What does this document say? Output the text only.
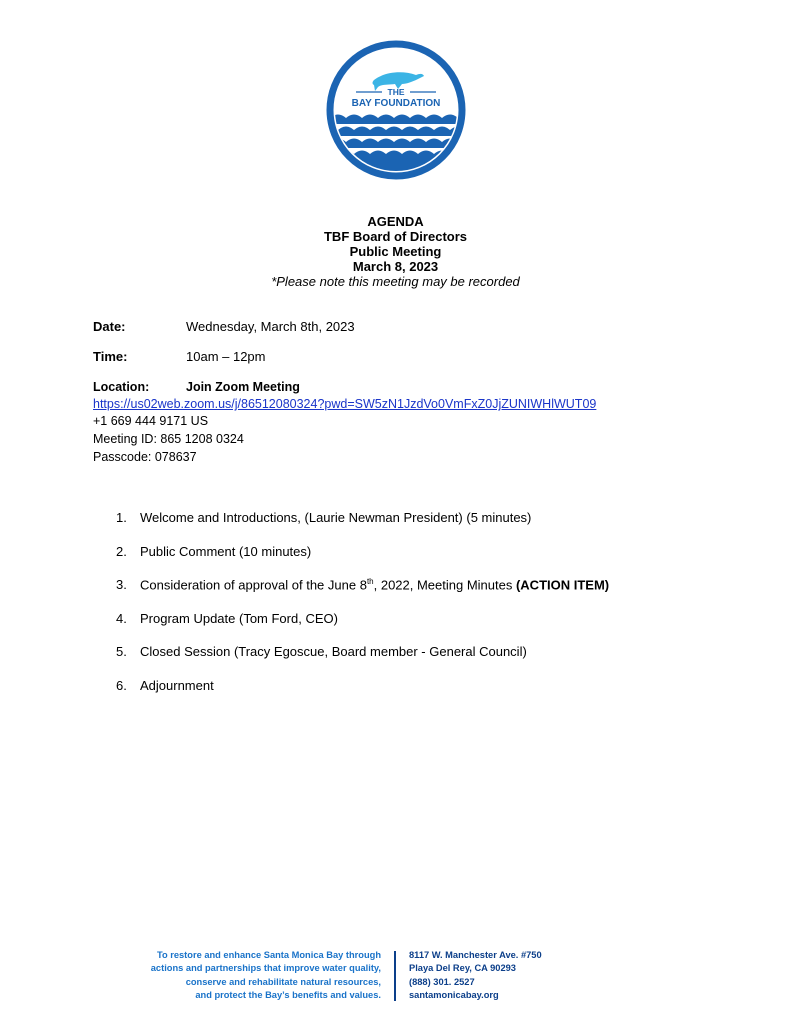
THE
BAY FOUNDATION
AGENDA
TBF Board of Directors
Public Meeting
March 8, 2023
*Please note this meeting may be recorded
Date:	Wednesday, March 8th, 2023
Time:	10am – 12pm
Location:	Join Zoom Meeting
https://us02web.zoom.us/j/86512080324?pwd=SW5zN1JzdVo0VmFxZ0JjZUNIWHlWUT09
+1 669 444 9171 US
Meeting ID: 865 1208 0324
Passcode: 078637
1.	Welcome and Introductions, (Laurie Newman President) (5 minutes)
2.	Public Comment (10 minutes)
3.	Consideration of approval of the June 8th, 2022, Meeting Minutes (ACTION ITEM)
4.	Program Update (Tom Ford, CEO)
5.	Closed Session (Tracy Egoscue, Board member - General Council)
6.	Adjournment
To restore and enhance Santa Monica Bay through
actions and partnerships that improve water quality,
conserve and rehabilitate natural resources,
and protect the Bay’s benefits and values.
8117 W. Manchester Ave. #750
Playa Del Rey, CA 90293
(888) 301. 2527
santamonicabay.org
